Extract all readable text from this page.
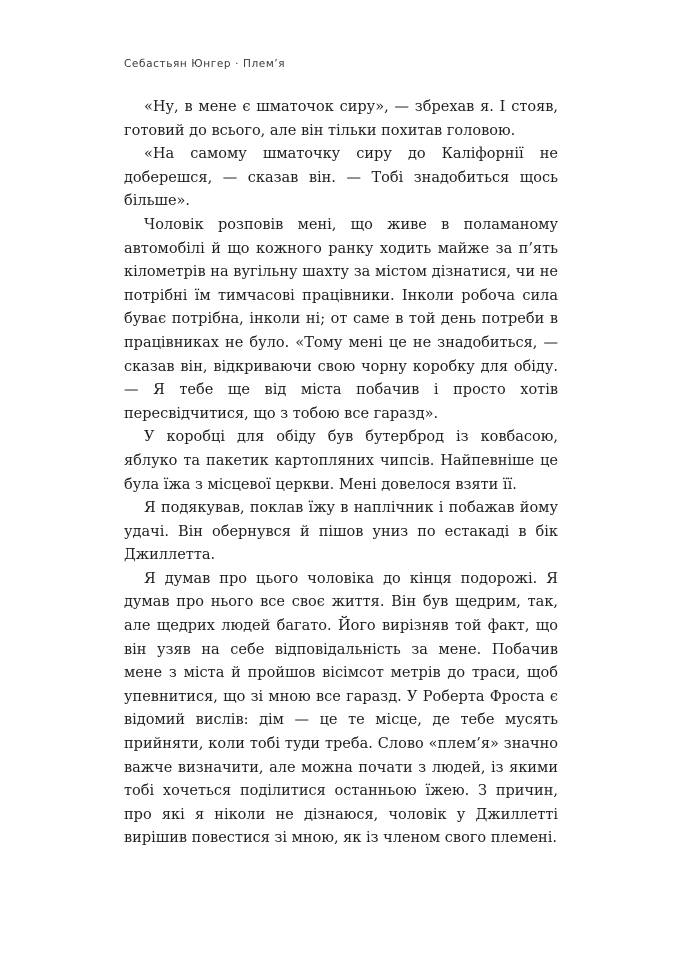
Себастьян Юнгер · Плем’я

«Ну, в мене є шматочок сиру», — збрехав я. І стояв, готовий до всього, але він тільки похитав головою.

«На самому шматочку сиру до Каліфорнії не доберешся, — сказав він. — Тобі знадобиться щось більше».

Чоловік розповів мені, що живе в поламаному автомобілі й що кожного ранку ходить майже за п’ять кілометрів на вугільну шахту за містом дізнатися, чи не потрібні їм тимчасові працівники. Інколи робоча сила буває потрібна, інколи ні; от саме в той день потреби в працівниках не було. «Тому мені це не знадобиться, — сказав він, відкриваючи свою чорну коробку для обіду. — Я тебе ще від міста побачив і просто хотів пересвідчитися, що з тобою все гаразд».

У коробці для обіду був бутерброд із ковбасою, яблуко та пакетик картопляних чипсів. Найпевніше це була їжа з місцевої церкви. Мені довелося взяти її.

Я подякував, поклав їжу в наплічник і побажав йому удачі. Він обернувся й пішов униз по естакаді в бік Джиллетта.

Я думав про цього чоловіка до кінця подорожі. Я думав про нього все своє життя. Він був щедрим, так, але щедрих людей багато. Його вирізняв той факт, що він узяв на себе відповідальність за мене. Побачив мене з міста й пройшов вісімсот метрів до траси, щоб упевнитися, що зі мною все гаразд. У Роберта Фроста є відомий вислів: дім — це те місце, де тебе мусять прийняти, коли тобі туди треба. Слово «плем’я» значно важче визначити, але можна почати з людей, із якими тобі хочеться поділитися останньою їжею. З причин, про які я ніколи не дізнаюся, чоловік у Джиллетті вирішив повестися зі мною, як із членом свого племені.
